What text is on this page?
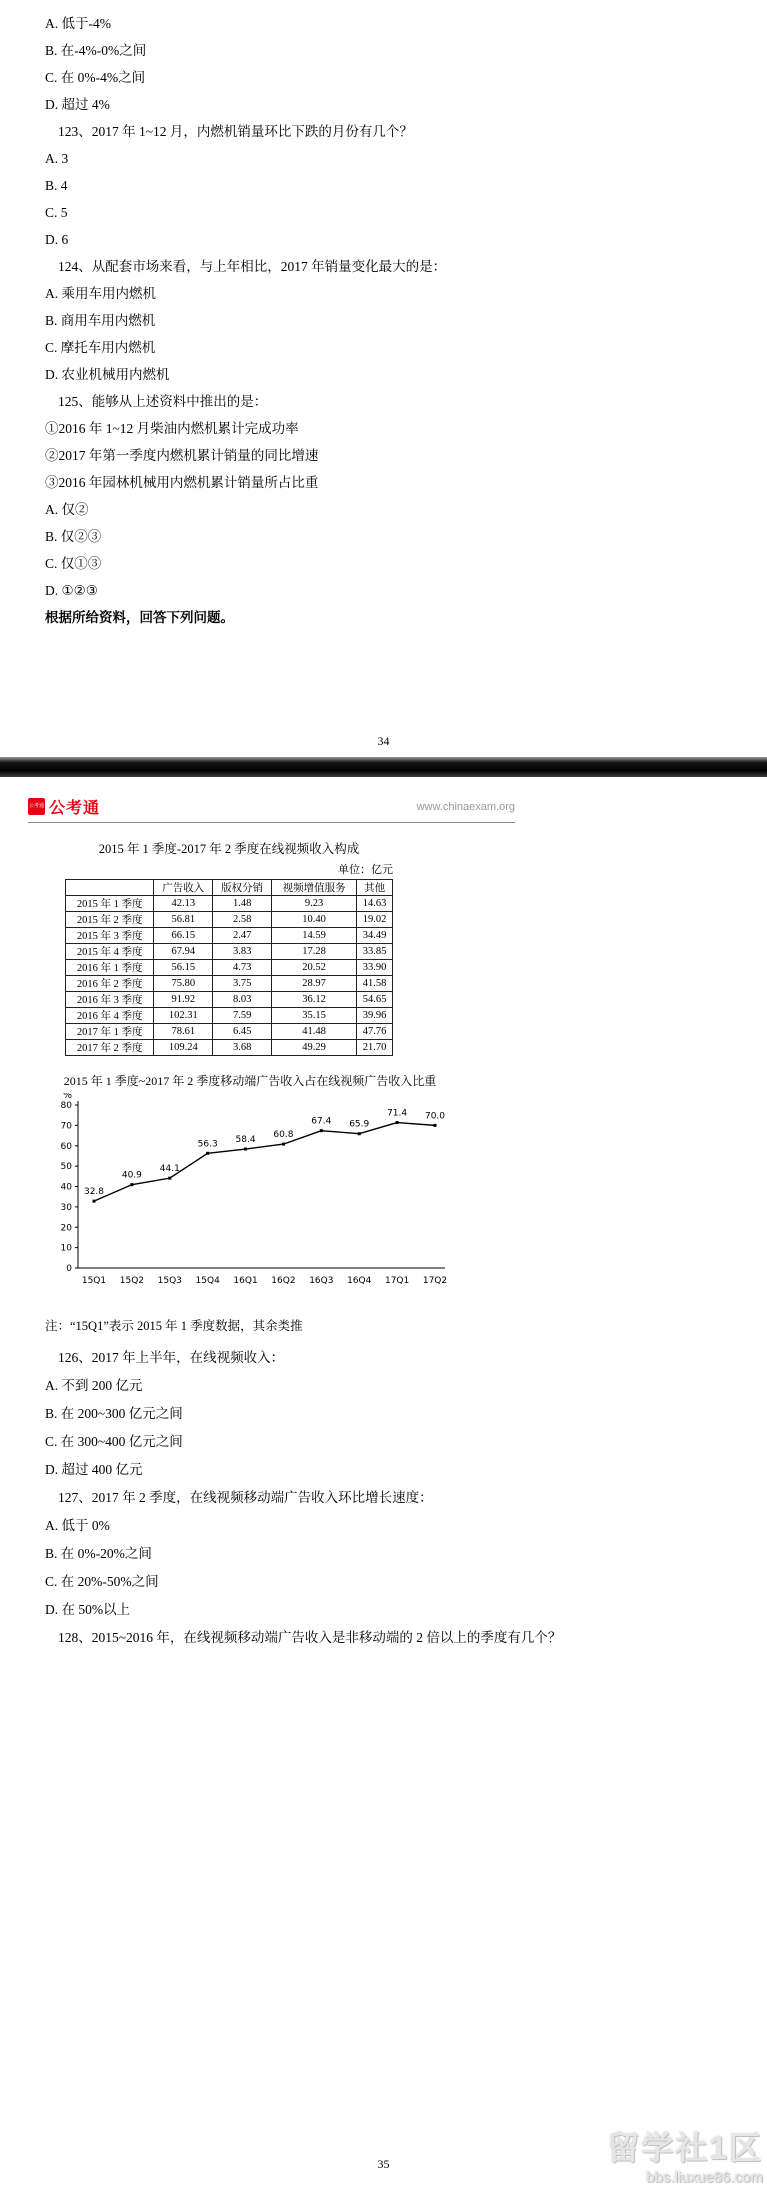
A. 低于-4%
B. 在-4%-0%之间
C. 在 0%-4%之间
D. 超过 4%
123、2017 年 1~12 月，内燃机销量环比下跌的月份有几个？
A. 3
B. 4
C. 5
D. 6
124、从配套市场来看，与上年相比，2017 年销量变化最大的是：
A. 乘用车用内燃机
B. 商用车用内燃机
C. 摩托车用内燃机
D. 农业机械用内燃机
125、能够从上述资料中推出的是：
①2016 年 1~12 月柴油内燃机累计完成功率
②2017 年第一季度内燃机累计销量的同比增速
③2016 年园林机械用内燃机累计销量所占比重
A. 仅②
B. 仅②③
C. 仅①③
D. ①②③
根据所给资料，回答下列问题。
34
公考通 公考通	www.chinaexam.org
2015 年 1 季度-2017 年 2 季度在线视频收入构成
单位：亿元
	广告收入	版权分销	视频增值服务	其他
2015 年 1 季度	42.13	1.48	9.23	14.63
2015 年 2 季度	56.81	2.58	10.40	19.02
2015 年 3 季度	66.15	2.47	14.59	34.49
2015 年 4 季度	67.94	3.83	17.28	33.85
2016 年 1 季度	56.15	4.73	20.52	33.90
2016 年 2 季度	75.80	3.75	28.97	41.58
2016 年 3 季度	91.92	8.03	36.12	54.65
2016 年 4 季度	102.31	7.59	35.15	39.96
2017 年 1 季度	78.61	6.45	41.48	47.76
2017 年 2 季度	109.24	3.68	49.29	21.70
2015 年 1 季度~2017 年 2 季度移动端广告收入占在线视频广告收入比重
0
10
20
30
40
50
60
70
80
%
32.8
15Q1
40.9
15Q2
44.1
15Q3
56.3
15Q4
58.4
16Q1
60.8
16Q2
67.4
16Q3
65.9
16Q4
71.4
17Q1
70.0
17Q2
注：“15Q1”表示 2015 年 1 季度数据，其余类推
126、2017 年上半年，在线视频收入：
A. 不到 200 亿元
B. 在 200~300 亿元之间
C. 在 300~400 亿元之间
D. 超过 400 亿元
127、2017 年 2 季度，在线视频移动端广告收入环比增长速度：
A. 低于 0%
B. 在 0%-20%之间
C. 在 20%-50%之间
D. 在 50%以上
128、2015~2016 年，在线视频移动端广告收入是非移动端的 2 倍以上的季度有几个？
留学社1区
bbs.liuxue86.com
35
